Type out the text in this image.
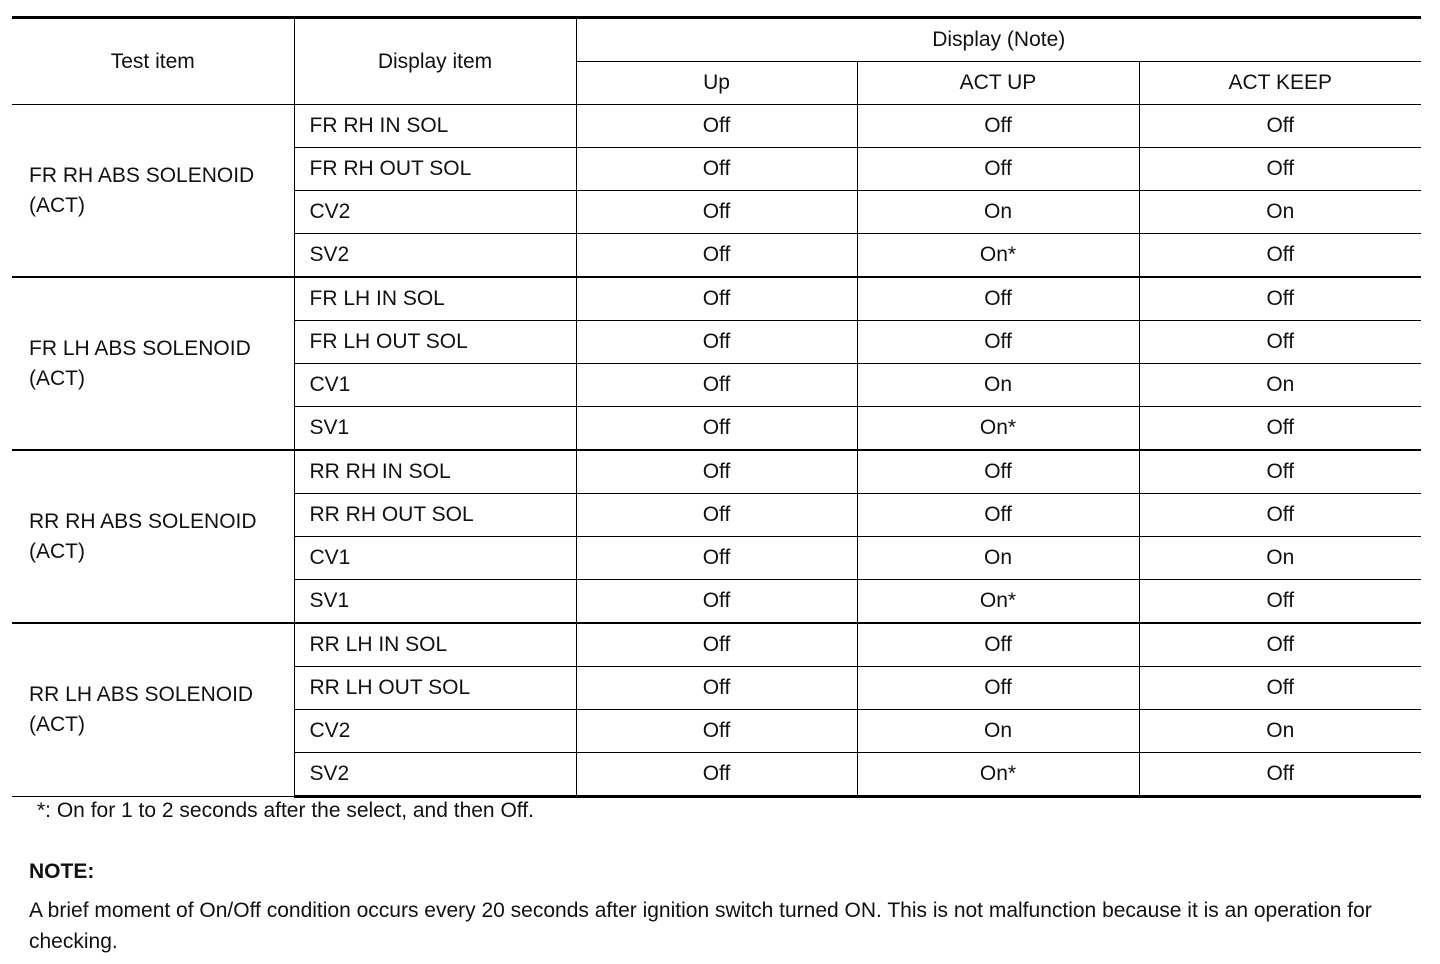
Test item	Display item	Display (Note)		
		Up	ACT UP	ACT KEEP

FR RH ABS SOLENOID
(ACT)	FR RH IN SOL	Off	Off	Off
	FR RH OUT SOL	Off	Off	Off
	CV2	Off	On	On
	SV2	Off	On*	Off

FR LH ABS SOLENOID
(ACT)	FR LH IN SOL	Off	Off	Off
	FR LH OUT SOL	Off	Off	Off
	CV1	Off	On	On
	SV1	Off	On*	Off

RR RH ABS SOLENOID
(ACT)	RR RH IN SOL	Off	Off	Off
	RR RH OUT SOL	Off	Off	Off
	CV1	Off	On	On
	SV1	Off	On*	Off

RR LH ABS SOLENOID
(ACT)	RR LH IN SOL	Off	Off	Off
	RR LH OUT SOL	Off	Off	Off
	CV2	Off	On	On
	SV2	Off	On*	Off

*: On for 1 to 2 seconds after the select, and then Off.

NOTE:

A brief moment of On/Off condition occurs every 20 seconds after ignition switch turned ON. This is not malfunction because it is an operation for checking.
